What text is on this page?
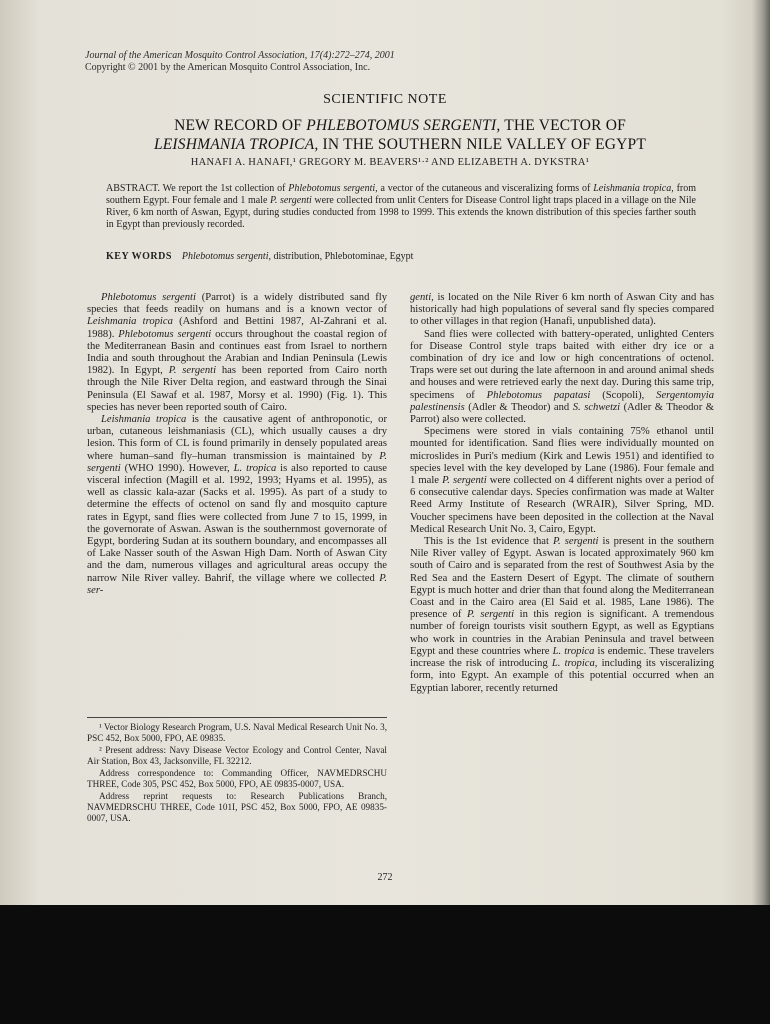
Journal of the American Mosquito Control Association, 17(4):272–274, 2001
Copyright © 2001 by the American Mosquito Control Association, Inc.
SCIENTIFIC NOTE
NEW RECORD OF PHLEBOTOMUS SERGENTI, THE VECTOR OF
LEISHMANIA TROPICA, IN THE SOUTHERN NILE VALLEY OF EGYPT
HANAFI A. HANAFI,¹ GREGORY M. BEAVERS¹·² AND ELIZABETH A. DYKSTRA¹
ABSTRACT. We report the 1st collection of Phlebotomus sergenti, a vector of the cutaneous and visceralizing forms of Leishmania tropica, from southern Egypt. Four female and 1 male P. sergenti were collected from unlit Centers for Disease Control light traps placed in a village on the Nile River, 6 km north of Aswan, Egypt, during studies conducted from 1998 to 1999. This extends the known distribution of this species farther south in Egypt than previously recorded.
KEY WORDS Phlebotomus sergenti, distribution, Phlebotominae, Egypt

Phlebotomus sergenti (Parrot) is a widely distributed sand fly species that feeds readily on humans and is a known vector of Leishmania tropica (Ashford and Bettini 1987, Al-Zahrani et al. 1988). Phlebotomus sergenti occurs throughout the coastal region of the Mediterranean Basin and continues east from Israel to northern India and south throughout the Arabian and Indian Peninsula (Lewis 1982). In Egypt, P. sergenti has been reported from Cairo north through the Nile River Delta region, and eastward through the Sinai Peninsula (El Sawaf et al. 1987, Morsy et al. 1990) (Fig. 1). This species has never been reported south of Cairo.

Leishmania tropica is the causative agent of anthroponotic, or urban, cutaneous leishmaniasis (CL), which usually causes a dry lesion. This form of CL is found primarily in densely populated areas where human–sand fly–human transmission is maintained by P. sergenti (WHO 1990). However, L. tropica is also reported to cause visceral infection (Magill et al. 1992, 1993; Hyams et al. 1995), as well as classic kala-azar (Sacks et al. 1995). As part of a study to determine the effects of octenol on sand fly and mosquito capture rates in Egypt, sand flies were collected from June 7 to 15, 1999, in the governorate of Aswan. Aswan is the southernmost governorate of Egypt, bordering Sudan at its southern boundary, and encompasses all of Lake Nasser south of the Aswan High Dam. North of Aswan City and the dam, numerous villages and agricultural areas occupy the narrow Nile River valley. Bahrif, the village where we collected P. ser-

¹ Vector Biology Research Program, U.S. Naval Medical Research Unit No. 3, PSC 452, Box 5000, FPO, AE 09835.

² Present address: Navy Disease Vector Ecology and Control Center, Naval Air Station, Box 43, Jacksonville, FL 32212.

Address correspondence to: Commanding Officer, NAVMEDRSCHU THREE, Code 305, PSC 452, Box 5000, FPO, AE 09835-0007, USA.

Address reprint requests to: Research Publications Branch, NAVMEDRSCHU THREE, Code 101I, PSC 452, Box 5000, FPO, AE 09835-0007, USA.

genti, is located on the Nile River 6 km north of Aswan City and has historically had high populations of several sand fly species compared to other villages in that region (Hanafi, unpublished data).

Sand flies were collected with battery-operated, unlighted Centers for Disease Control style traps baited with either dry ice or a combination of dry ice and low or high concentrations of octenol. Traps were set out during the late afternoon in and around animal sheds and houses and were retrieved early the next day. During this same trip, specimens of Phlebotomus papatasi (Scopoli), Sergentomyia palestinensis (Adler & Theodor) and S. schwetzi (Adler & Theodor & Parrot) also were collected.

Specimens were stored in vials containing 75% ethanol until mounted for identification. Sand flies were individually mounted on microslides in Puri's medium (Kirk and Lewis 1951) and identified to species level with the key developed by Lane (1986). Four female and 1 male P. sergenti were collected on 4 different nights over a period of 6 consecutive calendar days. Species confirmation was made at Walter Reed Army Institute of Research (WRAIR), Silver Spring, MD. Voucher specimens have been deposited in the collection at the Naval Medical Research Unit No. 3, Cairo, Egypt.

This is the 1st evidence that P. sergenti is present in the southern Nile River valley of Egypt. Aswan is located approximately 960 km south of Cairo and is separated from the rest of Southwest Asia by the Red Sea and the Eastern Desert of Egypt. The climate of southern Egypt is much hotter and drier than that found along the Mediterranean Coast and in the Cairo area (El Said et al. 1985, Lane 1986). The presence of P. sergenti in this region is significant. A tremendous number of foreign tourists visit southern Egypt, as well as Egyptians who work in countries in the Arabian Peninsula and travel between Egypt and these countries where L. tropica is endemic. These travelers increase the risk of introducing L. tropica, including its visceralizing form, into Egypt. An example of this potential occurred when an Egyptian laborer, recently returned

272
